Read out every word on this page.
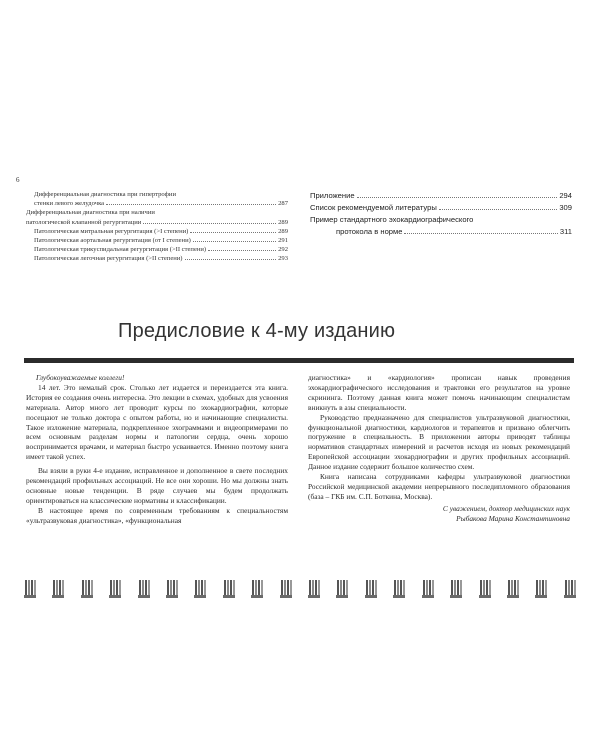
6
Дифференциальная диагностика при гипертрофии
стенки левого желудочка	287
Дифференциальная диагностика при наличии
патологической клапанной регургитации	289
Патологическая митральная регургитация (>I степени)	289
Патологическая аортальная регургитация (от I степени)	291
Патологическая трикуспидальная регургитация (>II степени)	292
Патологическая легочная регургитация (>II степени)	293
Приложение	294
Список рекомендуемой литературы	309
Пример стандартного эхокардиографического
протокола в норме	311
Предисловие к 4-му изданию

Глубокоуважаемые коллеги!

14 лет. Это немалый срок. Столько лет издается и переиздается эта книга. История ее создания очень интересна. Это лекции в схемах, удобных для усвоения материала. Автор много лет проводит курсы по эхокардиографии, которые посещают не только доктора с опытом работы, но и начинающие специалисты. Такое изложение материала, подкрепленное эхограммами и видеопримерами по всем основным разделам нормы и патологии сердца, очень хорошо воспринимается врачами, и материал быстро усваивается. Именно поэтому книга имеет такой успех.

Вы взяли в руки 4-е издание, исправленное и дополненное в свете последних рекомендаций профильных ассоциаций. Не все они хороши. Но мы должны знать основные новые тенденции. В ряде случаев мы будем продолжать ориентироваться на классические нормативы и классификации.

В настоящее время по современным требованиям к специальностям «ультразвуковая диагностика», «функциональная

диагностика» и «кардиология» прописан навык проведения эхокардиографического исследования и трактовки его результатов на уровне скрининга. Поэтому данная книга может помочь начинающим специалистам вникнуть в азы специальности.

Руководство предназначено для специалистов ультразвуковой диагностики, функциональной диагностики, кардиологов и терапевтов и призвано облегчить погружение в специальность. В приложении авторы приводят таблицы нормативов стандартных измерений и расчетов исходя из новых рекомендаций Европейской ассоциации эхокардиографии и других профильных ассоциаций. Данное издание содержит большое количество схем.

Книга написана сотрудниками кафедры ультразвуковой диагностики Российской медицинской академии непрерывного последипломного образования (база – ГКБ им. С.П. Боткина, Москва).

С уважением, доктор медицинских наук
Рыбакова Марина Константиновна
